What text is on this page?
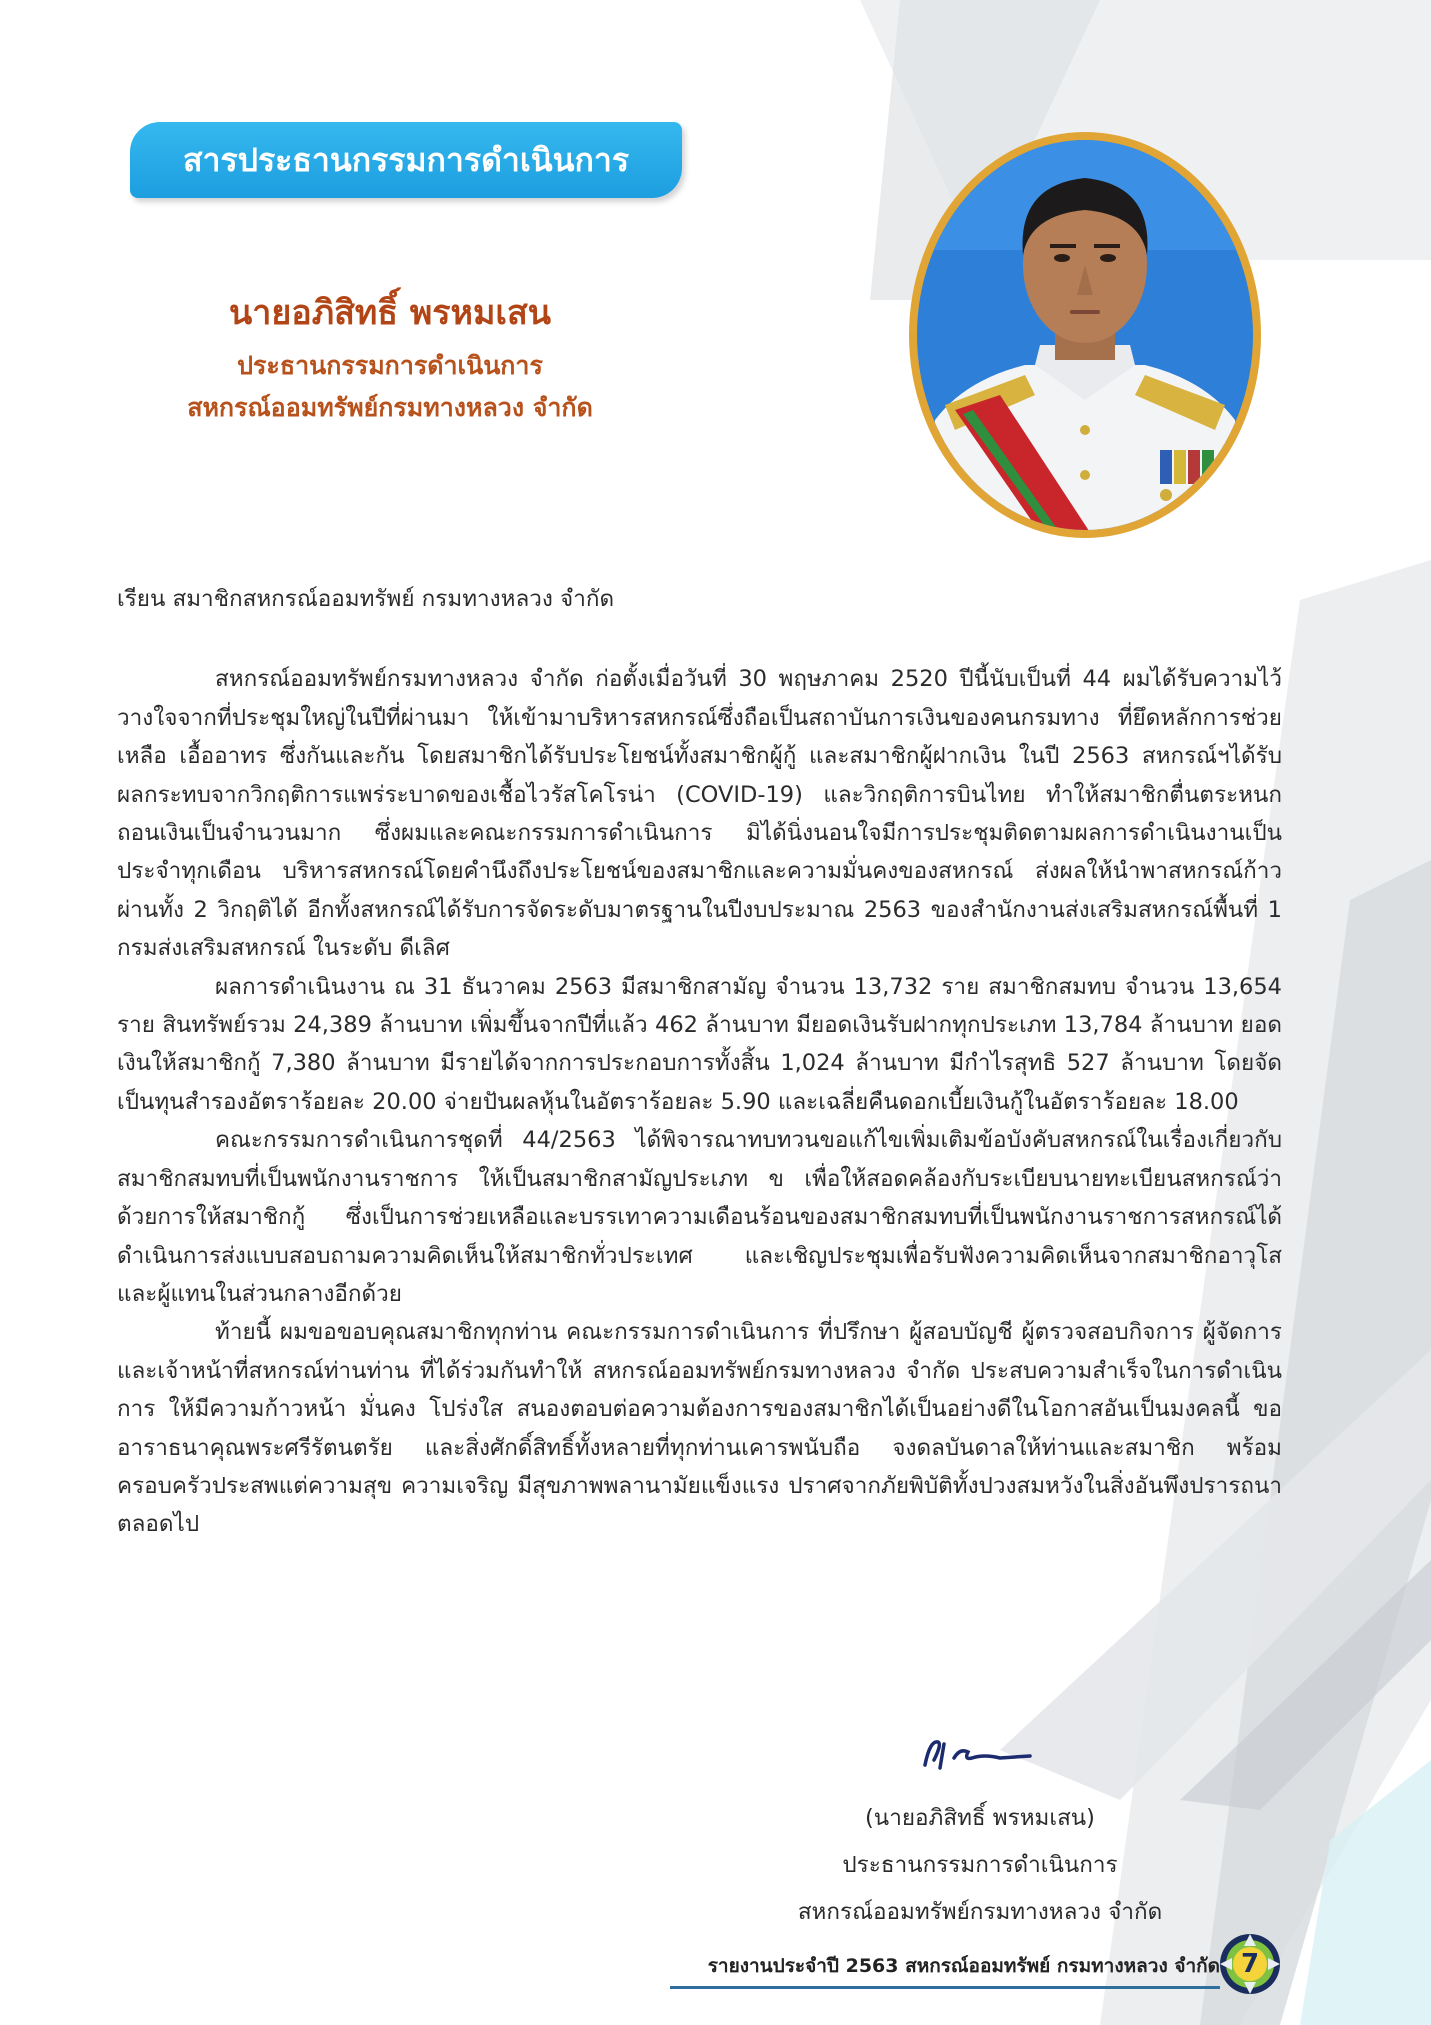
สารประธานกรรมการดำเนินการ
นายอภิสิทธิ์ พรหมเสน
ประธานกรรมการดำเนินการ
สหกรณ์ออมทรัพย์กรมทางหลวง จำกัด

เรียน สมาชิกสหกรณ์ออมทรัพย์ กรมทางหลวง จำกัด

สหกรณ์ออมทรัพย์กรมทางหลวง จำกัด ก่อตั้งเมื่อวันที่ 30 พฤษภาคม 2520 ปีนี้นับเป็นที่ 44 ผมได้รับความไว้วางใจจากที่ประชุมใหญ่ในปีที่ผ่านมา ให้เข้ามาบริหารสหกรณ์ซึ่งถือเป็นสถาบันการเงินของคนกรมทาง ที่ยึดหลักการช่วยเหลือ เอื้ออาทร ซึ่งกันและกัน โดยสมาชิกได้รับประโยชน์ทั้งสมาชิกผู้กู้ และสมาชิกผู้ฝากเงิน ในปี 2563 สหกรณ์ฯได้รับผลกระทบจากวิกฤติการแพร่ระบาดของเชื้อไวรัสโคโรน่า (COVID-19) และวิกฤติการบินไทย ทำให้สมาชิกตื่นตระหนกถอนเงินเป็นจำนวนมาก ซึ่งผมและคณะกรรมการดำเนินการ มิได้นิ่งนอนใจมีการประชุมติดตามผลการดำเนินงานเป็นประจำทุกเดือน บริหารสหกรณ์โดยคำนึงถึงประโยชน์ของสมาชิกและความมั่นคงของสหกรณ์ ส่งผลให้นำพาสหกรณ์ก้าวผ่านทั้ง 2 วิกฤติได้ อีกทั้งสหกรณ์ได้รับการจัดระดับมาตรฐานในปีงบประมาณ 2563 ของสำนักงานส่งเสริมสหกรณ์พื้นที่ 1 กรมส่งเสริมสหกรณ์ ในระดับ ดีเลิศ

ผลการดำเนินงาน ณ 31 ธันวาคม 2563 มีสมาชิกสามัญ จำนวน 13,732 ราย สมาชิกสมทบ จำนวน 13,654 ราย สินทรัพย์รวม 24,389 ล้านบาท เพิ่มขึ้นจากปีที่แล้ว 462 ล้านบาท มียอดเงินรับฝากทุกประเภท 13,784 ล้านบาท ยอดเงินให้สมาชิกกู้ 7,380 ล้านบาท มีรายได้จากการประกอบการทั้งสิ้น 1,024 ล้านบาท มีกำไรสุทธิ 527 ล้านบาท โดยจัดเป็นทุนสำรองอัตราร้อยละ 20.00 จ่ายปันผลหุ้นในอัตราร้อยละ 5.90 และเฉลี่ยคืนดอกเบี้ยเงินกู้ในอัตราร้อยละ 18.00

คณะกรรมการดำเนินการชุดที่ 44/2563 ได้พิจารณาทบทวนขอแก้ไขเพิ่มเติมข้อบังคับสหกรณ์ในเรื่องเกี่ยวกับสมาชิกสมทบที่เป็นพนักงานราชการ ให้เป็นสมาชิกสามัญประเภท ข เพื่อให้สอดคล้องกับระเบียบนายทะเบียนสหกรณ์ว่าด้วยการให้สมาชิกกู้ ซึ่งเป็นการช่วยเหลือและบรรเทาความเดือนร้อนของสมาชิกสมทบที่เป็นพนักงานราชการสหกรณ์ได้ดำเนินการส่งแบบสอบถามความคิดเห็นให้สมาชิกทั่วประเทศ และเชิญประชุมเพื่อรับฟังความคิดเห็นจากสมาชิกอาวุโส และผู้แทนในส่วนกลางอีกด้วย

ท้ายนี้ ผมขอขอบคุณสมาชิกทุกท่าน คณะกรรมการดำเนินการ ที่ปรึกษา ผู้สอบบัญชี ผู้ตรวจสอบกิจการ ผู้จัดการ และเจ้าหน้าที่สหกรณ์ท่านท่าน ที่ได้ร่วมกันทำให้ สหกรณ์ออมทรัพย์กรมทางหลวง จำกัด ประสบความสำเร็จในการดำเนินการ ให้มีความก้าวหน้า มั่นคง โปร่งใส สนองตอบต่อความต้องการของสมาชิกได้เป็นอย่างดีในโอกาสอันเป็นมงคลนี้ ขออาราธนาคุณพระศรีรัตนตรัย และสิ่งศักดิ์สิทธิ์ทั้งหลายที่ทุกท่านเคารพนับถือ จงดลบันดาลให้ท่านและสมาชิก พร้อมครอบครัวประสพแต่ความสุข ความเจริญ มีสุขภาพพลานามัยแข็งแรง ปราศจากภัยพิบัติทั้งปวงสมหวังในสิ่งอันพึงปรารถนาตลอดไป

(นายอภิสิทธิ์ พรหมเสน)
ประธานกรรมการดำเนินการ
สหกรณ์ออมทรัพย์กรมทางหลวง จำกัด
รายงานประจำปี 2563 สหกรณ์ออมทรัพย์ กรมทางหลวง จำกัด 7
